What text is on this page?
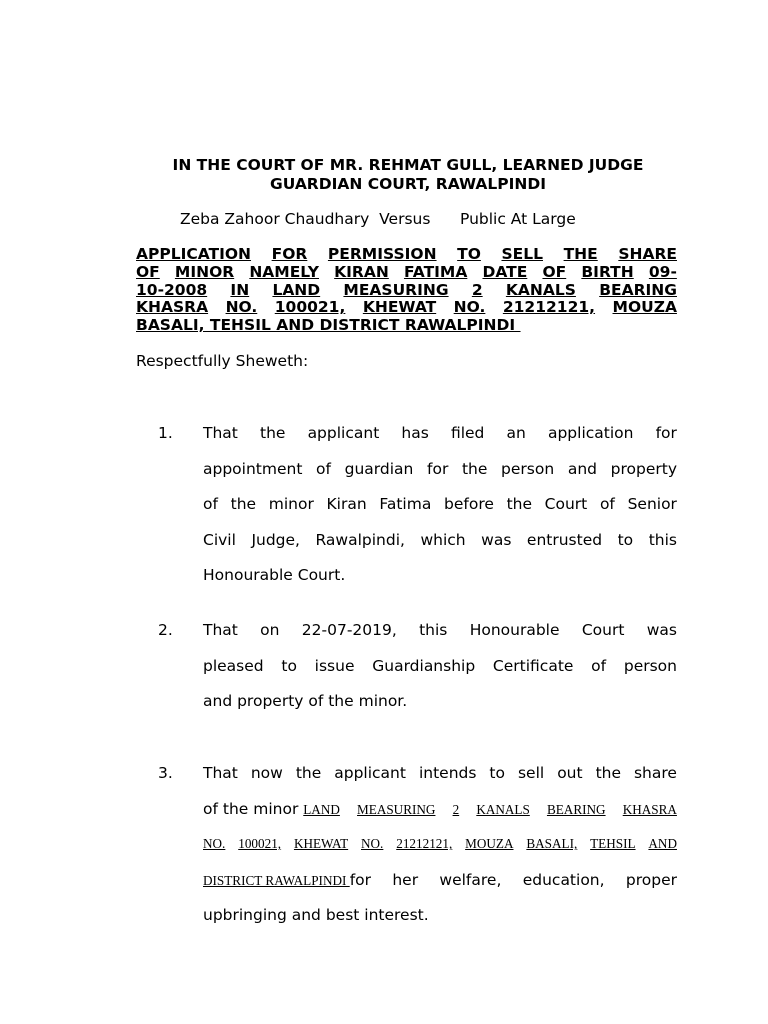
IN THE COURT OF MR. REHMAT GULL, LEARNED JUDGE
GUARDIAN COURT, RAWALPINDI
Zeba Zahoor Chaudhary  Versus      Public At Large
APPLICATION FOR PERMISSION TO SELL THE SHARE
OF MINOR NAMELY KIRAN FATIMA DATE OF BIRTH 09-
10-2008 IN LAND MEASURING 2 KANALS BEARING
KHASRA NO. 100021, KHEWAT NO. 21212121, MOUZA
BASALI, TEHSIL AND DISTRICT RAWALPINDI
Respectfully Sheweth:
1. That the applicant has filed an application for
appointment of guardian for the person and property
of the minor Kiran Fatima before the Court of Senior
Civil Judge, Rawalpindi, which was entrusted to this
Honourable Court.
2. That on 22-07-2019, this Honourable Court was
pleased to issue Guardianship Certificate of person
and property of the minor.
3. That now the applicant intends to sell out the share
of the minor LAND MEASURING 2 KANALS BEARING KHASRA
NO. 100021, KHEWAT NO. 21212121, MOUZA BASALI, TEHSIL AND
DISTRICT RAWALPINDI for her welfare, education, proper
upbringing and best interest.
